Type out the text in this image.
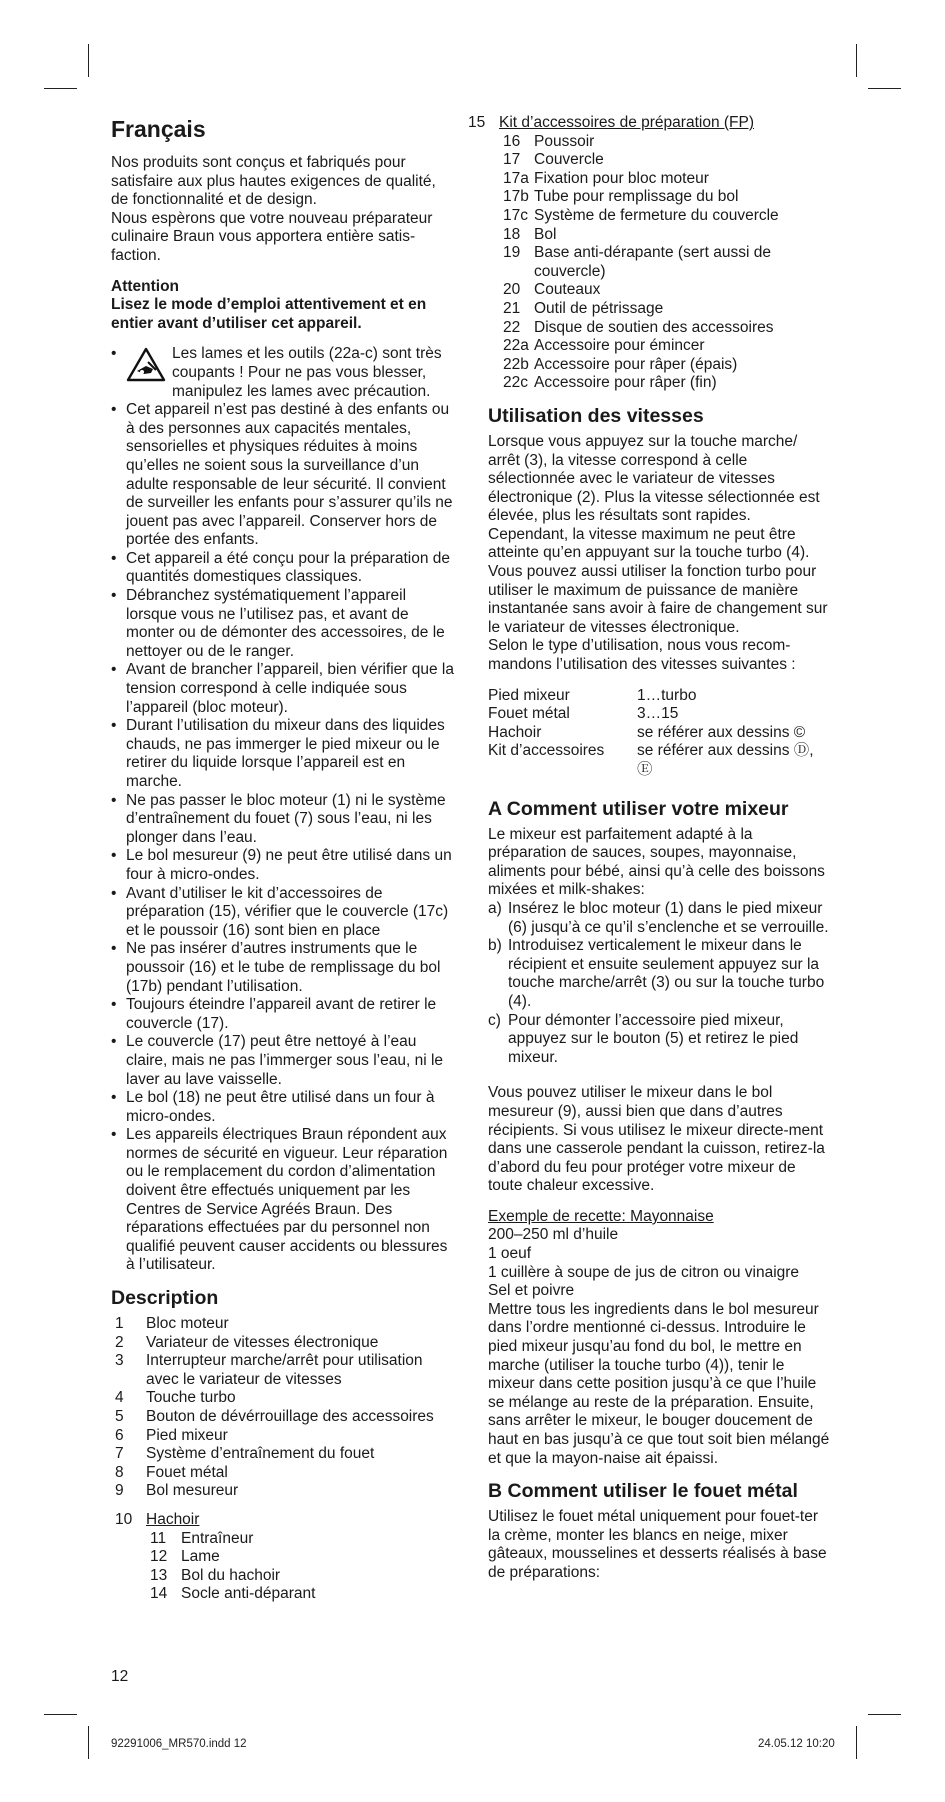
Français

Nos produits sont conçus et fabriqués pour satisfaire aux plus hautes exigences de qualité, de fonctionnalité et de design.

Nous espèrons que votre nouveau préparateur culinaire Braun vous apportera entière satis-faction.

Attention

Lisez le mode d’emploi attentivement et en entier avant d’utiliser cet appareil.

• Les lames et les outils (22a-c) sont très coupants ! Pour ne pas vous blesser, manipulez les lames avec précaution.
• Cet appareil n’est pas destiné à des enfants ou à des personnes aux capacités mentales, sensorielles et physiques réduites à moins qu’elles ne soient sous la surveillance d’un adulte responsable de leur sécurité. Il convient de surveiller les enfants pour s’assurer qu’ils ne jouent pas avec l’appareil. Conserver hors de portée des enfants.
• Cet appareil a été conçu pour la préparation de quantités domestiques classiques.
• Débranchez systématiquement l’appareil lorsque vous ne l’utilisez pas, et avant de monter ou de démonter des accessoires, de le nettoyer ou de le ranger.
• Avant de brancher l’appareil, bien vérifier que la tension correspond à celle indiquée sous l’appareil (bloc moteur).
• Durant l’utilisation du mixeur dans des liquides chauds, ne pas immerger le pied mixeur ou le retirer du liquide lorsque l’appareil est en marche.
• Ne pas passer le bloc moteur (1) ni le système d’entraînement du fouet (7) sous l’eau, ni les plonger dans l’eau.
• Le bol mesureur (9) ne peut être utilisé dans un four à micro-ondes.
• Avant d’utiliser le kit d’accessoires de préparation (15), vérifier que le couvercle (17c) et le poussoir (16) sont bien en place
• Ne pas insérer d’autres instruments que le poussoir (16) et le tube de remplissage du bol (17b) pendant l’utilisation.
• Toujours éteindre l’appareil avant de retirer le couvercle (17).
• Le couvercle (17) peut être nettoyé à l’eau claire, mais ne pas l’immerger sous l’eau, ni le laver au lave vaisselle.
• Le bol (18) ne peut être utilisé dans un four à micro-ondes.
• Les appareils électriques Braun répondent aux normes de sécurité en vigueur. Leur réparation ou le remplacement du cordon d’alimentation doivent être effectués uniquement par les Centres de Service Agréés Braun. Des réparations effectuées par du personnel non qualifié peuvent causer accidents ou blessures à l’utilisateur.
Description
1	Bloc moteur
2	Variateur de vitesses électronique
3	Interrupteur marche/arrêt pour utilisation avec le variateur de vitesses
4	Touche turbo
5	Bouton de dévérrouillage des accessoires
6	Pied mixeur
7	Système d’entraînement du fouet
8	Fouet métal
9	Bol mesureur
10 Hachoir
11 Entraîneur
12 Lame
13 Bol du hachoir
14 Socle anti-déparant
15 Kit d’accessoires de préparation (FP)
16 Poussoir
17 Couvercle
17a Fixation pour bloc moteur
17b Tube pour remplissage du bol
17c Système de fermeture du couvercle
18 Bol
19 Base anti-dérapante (sert aussi de couvercle)
20 Couteaux
21 Outil de pétrissage
22 Disque de soutien des accessoires
22a Accessoire pour émincer
22b Accessoire pour râper (épais)
22c Accessoire pour râper (fin)
Utilisation des vitesses

Lorsque vous appuyez sur la touche marche/ arrêt (3), la vitesse correspond à celle sélectionnée avec le variateur de vitesses électronique (2). Plus la vitesse sélectionnée est élevée, plus les résultats sont rapides. Cependant, la vitesse maximum ne peut être atteinte qu’en appuyant sur la touche turbo (4). Vous pouvez aussi utiliser la fonction turbo pour utiliser le maximum de puissance de manière instantanée sans avoir à faire de changement sur le variateur de vitesses électronique.

Selon le type d’utilisation, nous vous recom-mandons l’utilisation des vitesses suivantes :

Pied mixeur	1…turbo
Fouet métal	3…15
Hachoir	se référer aux dessins ©
Kit d’accessoires	se référer aux dessins Ⓓ, Ⓔ
A Comment utiliser votre mixeur

Le mixeur est parfaitement adapté à la préparation de sauces, soupes, mayonnaise, aliments pour bébé, ainsi qu’à celle des boissons mixées et milk-shakes:

a) Insérez le bloc moteur (1) dans le pied mixeur (6) jusqu’à ce qu’il s’enclenche et se verrouille.
b) Introduisez verticalement le mixeur dans le récipient et ensuite seulement appuyez sur la touche marche/arrêt (3) ou sur la touche turbo (4).
c) Pour démonter l’accessoire pied mixeur, appuyez sur le bouton (5) et retirez le pied mixeur.

Vous pouvez utiliser le mixeur dans le bol mesureur (9), aussi bien que dans d’autres récipients. Si vous utilisez le mixeur directe-ment dans une casserole pendant la cuisson, retirez-la d’abord du feu pour protéger votre mixeur de toute chaleur excessive.

Exemple de recette: Mayonnaise

200–250 ml d’huile

1 oeuf

1 cuillère à soupe de jus de citron ou vinaigre

Sel et poivre

Mettre tous les ingredients dans le bol mesureur dans l’ordre mentionné ci-dessus. Introduire le pied mixeur jusqu’au fond du bol, le mettre en marche (utiliser la touche turbo (4)), tenir le mixeur dans cette position jusqu’à ce que l’huile se mélange au reste de la préparation. Ensuite, sans arrêter le mixeur, le bouger doucement de haut en bas jusqu’à ce que tout soit bien mélangé et que la mayon-naise ait épaissi.

B Comment utiliser le fouet métal

Utilisez le fouet métal uniquement pour fouet-ter la crème, monter les blancs en neige, mixer gâteaux, mousselines et desserts réalisés à base de préparations:

12
92291006_MR570.indd 12	24.05.12 10:20
